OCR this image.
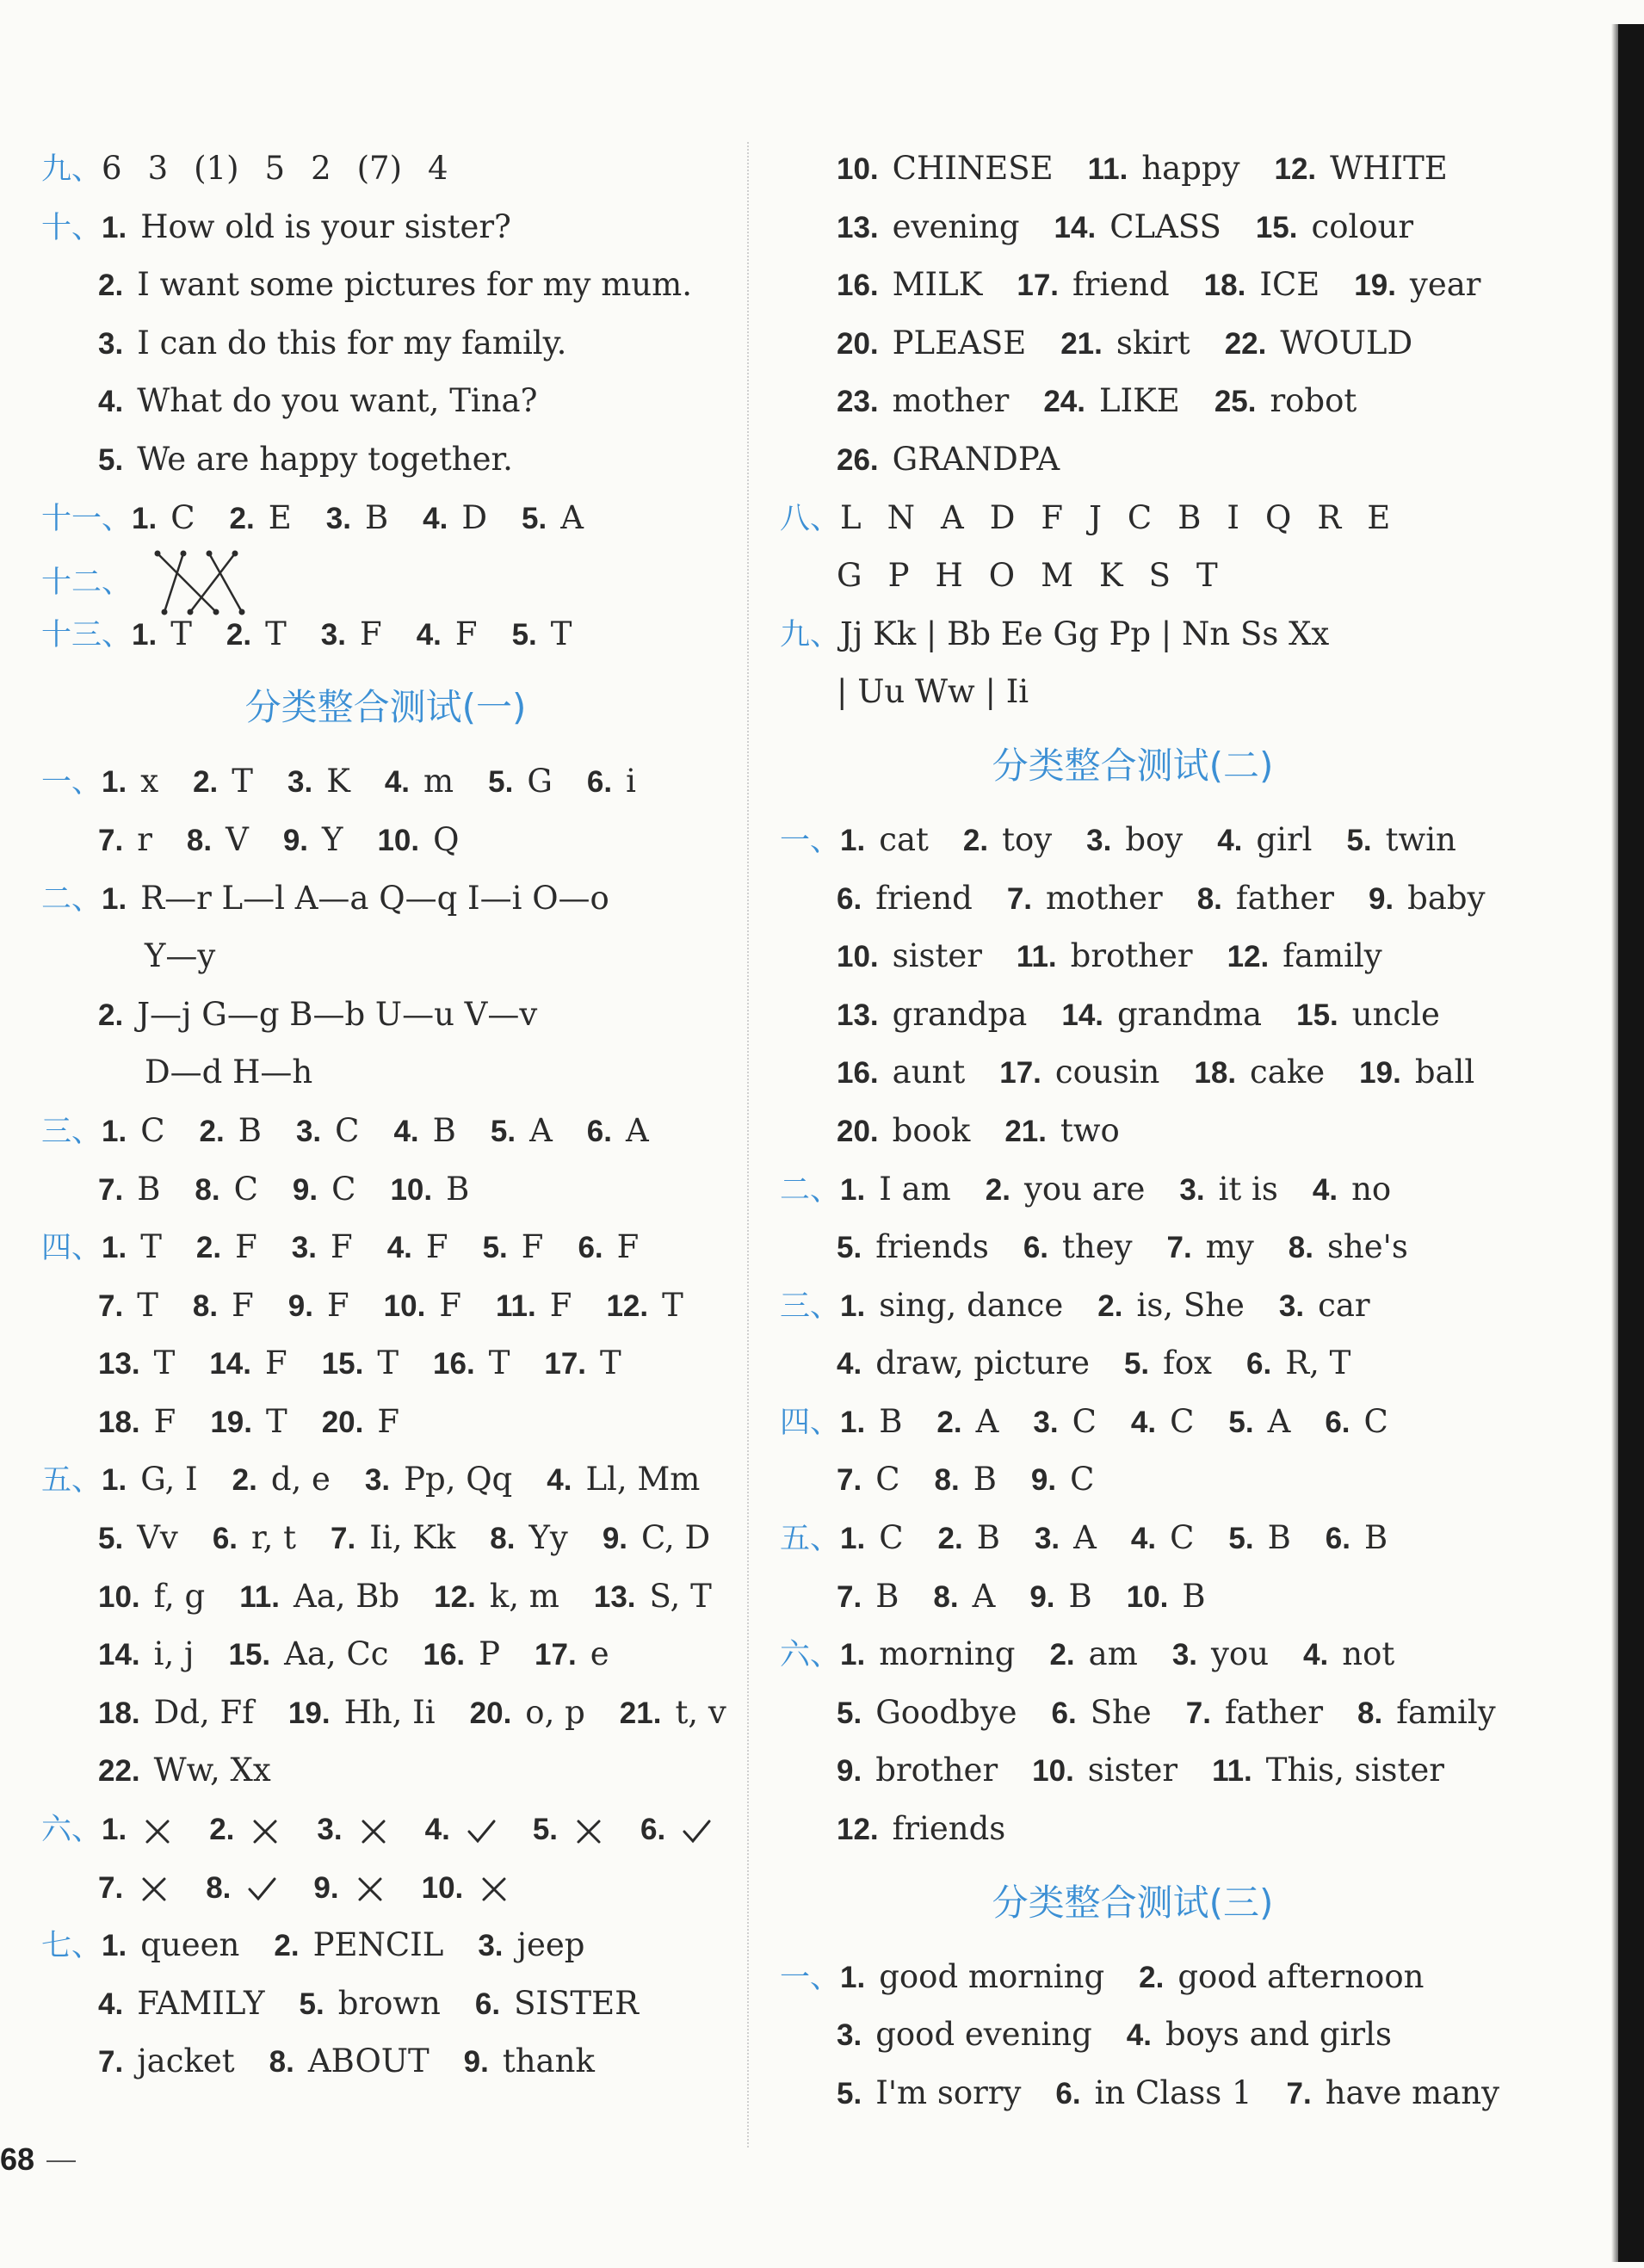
九、6 3 (1) 5 2 (7) 4
十、1. How old is your sister?
2. I want some pictures for my mum.
3. I can do this for my family.
4. What do you want, Tina?
5. We are happy together.
十一、1. C 2. E 3. B 4. D 5. A
十二、
十三、1. T 2. T 3. F 4. F 5. T
分类整合测试(一)
一、1. x 2. T 3. K 4. m 5. G 6. i
7. r 8. V 9. Y 10. Q
二、1. R—r L—l A—a Q—q I—i O—o
Y—y
2. J—j G—g B—b U—u V—v
D—d H—h
三、1. C 2. B 3. C 4. B 5. A 6. A
7. B 8. C 9. C 10. B
四、1. T 2. F 3. F 4. F 5. F 6. F
7. T 8. F 9. F 10. F 11. F 12. T
13. T 14. F 15. T 16. T 17. T
18. F 19. T 20. F
五、1. G, I 2. d, e 3. Pp, Qq 4. Ll, Mm
5. Vv 6. r, t 7. Ii, Kk 8. Yy 9. C, D
10. f, g 11. Aa, Bb 12. k, m 13. S, T
14. i, j 15. Aa, Cc 16. P 17. e
18. Dd, Ff 19. Hh, Ii 20. o, p 21. t, v
22. Ww, Xx
六、1.	2.	3.	4.	5.	6.
7.	8.	9.	10.
七、1. queen 2. PENCIL 3. jeep
4. FAMILY 5. brown 6. SISTER
7. jacket 8. ABOUT 9. thank
10. CHINESE 11. happy 12. WHITE
13. evening 14. CLASS 15. colour
16. MILK 17. friend 18. ICE 19. year
20. PLEASE 21. skirt 22. WOULD
23. mother 24. LIKE 25. robot
26. GRANDPA
八、L N A D F J C B I Q R E
G P H O M K S T
九、Jj Kk | Bb Ee Gg Pp | Nn Ss Xx
| Uu Ww | Ii
分类整合测试(二)
一、1. cat 2. toy 3. boy 4. girl 5. twin
6. friend 7. mother 8. father 9. baby
10. sister 11. brother 12. family
13. grandpa 14. grandma 15. uncle
16. aunt 17. cousin 18. cake 19. ball
20. book 21. two
二、1. I am 2. you are 3. it is 4. no
5. friends 6. they 7. my 8. she's
三、1. sing, dance 2. is, She 3. car
4. draw, picture 5. fox 6. R, T
四、1. B 2. A 3. C 4. C 5. A 6. C
7. C 8. B 9. C
五、1. C 2. B 3. A 4. C 5. B 6. B
7. B 8. A 9. B 10. B
六、1. morning 2. am 3. you 4. not
5. Goodbye 6. She 7. father 8. family
9. brother 10. sister 11. This, sister
12. friends
分类整合测试(三)
一、1. good morning 2. good afternoon
3. good evening 4. boys and girls
5. I'm sorry 6. in Class 1 7. have many
68
